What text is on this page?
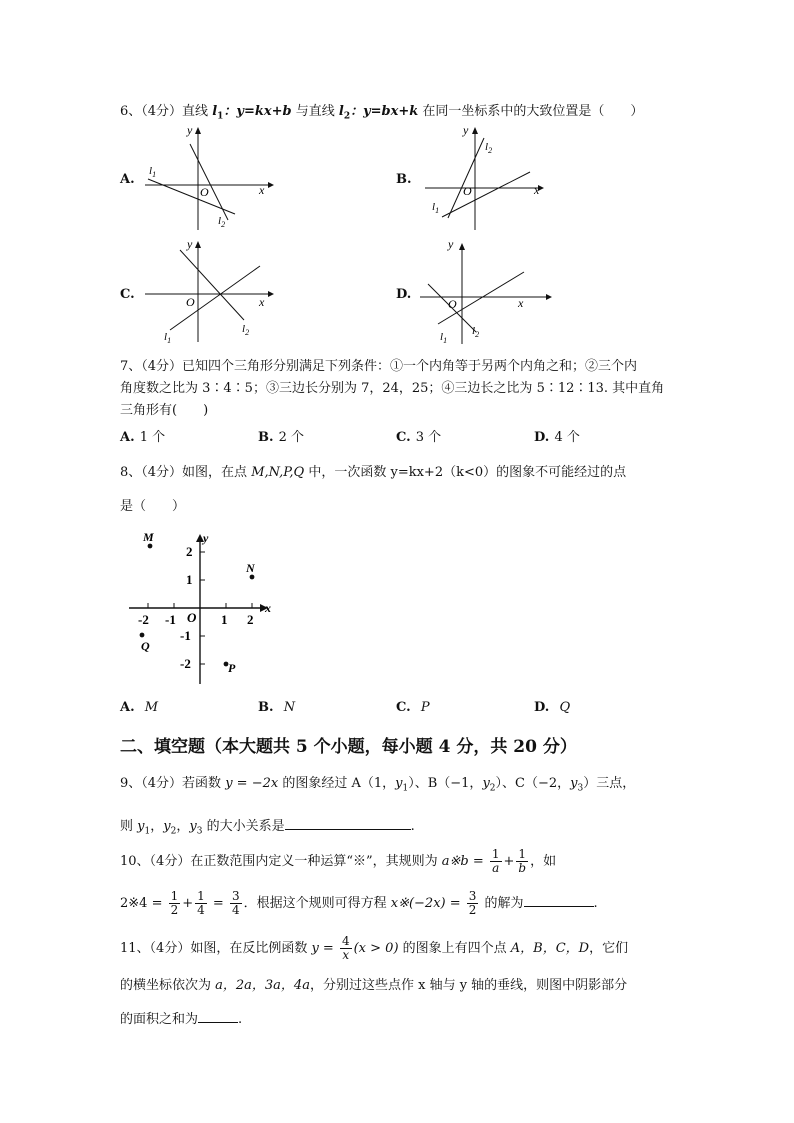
6、（4分）直线 $l_1$：y=kx+b 与直线 $l_2$：y=bx+k 在同一坐标系中的大致位置是（　　）
A.	B.
C.	D.
y
x
O
$l_1$
$l_2$
y
x
O
$l_1$
$l_2$
y
x
O
$l_1$
$l_2$
y
x
O
$l_1$
$l_2$
7、（4分）已知四个三角形分别满足下列条件：①一个内角等于另两个内角之和；②三个内
角度数之比为 3∶4∶5；③三边长分别为 7，24，25；④三边长之比为 5∶12∶13. 其中直角
三角形有(　　)
A. 1 个	B. 2 个	C. 3 个	D. 4 个
8、（4分）如图，在点 M,N,P,Q 中，一次函数 y=kx+2（k<0）的图象不可能经过的点
是（　　）
y
x
O
2
1
-1
-2
-2 -1	1 2
M
N
P
Q
A. M	B. N	C. P	D. Q
二、填空题（本大题共 5 个小题，每小题 4 分，共 20 分）
9、（4分）若函数 y = −2x 的图象经过 A（1，$y_1$）、B（−1，$y_2$）、C（−2，$y_3$）三点，
则 $y_1$，$y_2$，$y_3$ 的大小关系是	.
10、（4分）在正数范围内定义一种运算“※”，其规则为 a※b = $\frac{1}{a} + \frac{1}{b}$ ，如
2※4 = $\frac{1}{2} + \frac{1}{4} = \frac{3}{4}$ ．根据这个规则可得方程 x※(−2x) = $\frac{3}{2}$ 的解为	.
11、（4分）如图，在反比例函数 $y = \frac{4}{x} (x > 0)$ 的图象上有四个点 A，B，C，D，它们
的横坐标依次为 a，2a，3a，4a，分别过这些点作 x 轴与 y 轴的垂线，则图中阴影部分
的面积之和为	.
